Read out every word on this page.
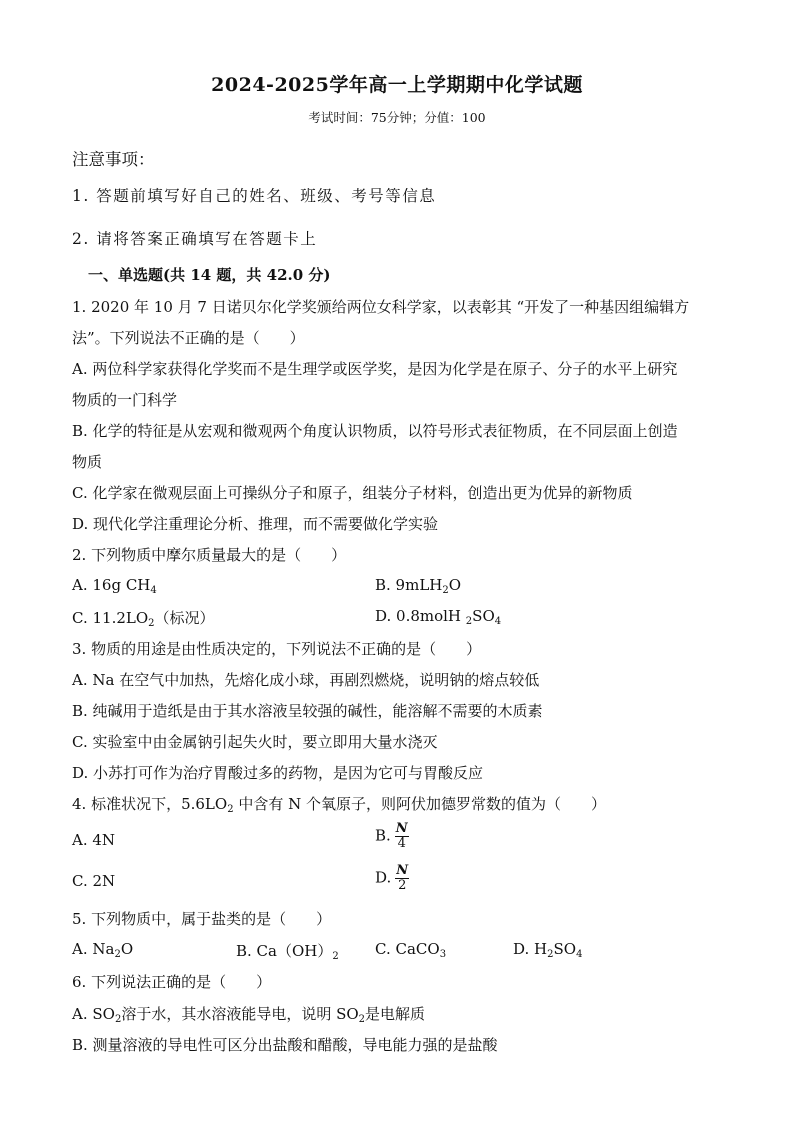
2024-2025学年高一上学期期中化学试题
考试时间：75分钟；分值：100
注意事项：
1. 答题前填写好自己的姓名、班级、考号等信息
2. 请将答案正确填写在答题卡上
一、单选题(共 14 题，共 42.0 分)
1. 2020 年 10 月 7 日诺贝尔化学奖颁给两位女科学家，以表彰其 “开发了一种基因组编辑方
法”。下列说法不正确的是（　　）
A. 两位科学家获得化学奖而不是生理学或医学奖，是因为化学是在原子、分子的水平上研究
物质的一门科学
B. 化学的特征是从宏观和微观两个角度认识物质，以符号形式表征物质，在不同层面上创造
物质
C. 化学家在微观层面上可操纵分子和原子，组装分子材料，创造出更为优异的新物质
D. 现代化学注重理论分析、推理，而不需要做化学实验
2. 下列物质中摩尔质量最大的是（　　）
A. 16g $CH_4$	B. 9mLH$_2$O
C. $11.2LO_2$（标况）	D. 0.8molH $_2SO_4$
3. 物质的用途是由性质决定的，下列说法不正确的是（　　）
A. Na 在空气中加热，先熔化成小球，再剧烈燃烧，说明钠的熔点较低
B. 纯碱用于造纸是由于其水溶液呈较强的碱性，能溶解不需要的木质素
C. 实验室中由金属钠引起失火时，要立即用大量水浇灭
D. 小苏打可作为治疗胃酸过多的药物，是因为它可与胃酸反应
4. 标准状况下，$5.6LO_2$ 中含有 N 个氧原子，则阿伏加德罗常数的值为（　　）
A. 4N	B. $\frac{N}{4}$
C. 2N	D. $\frac{N}{2}$
5. 下列物质中，属于盐类的是（　　）
A. $Na_2O$	B. $Ca(OH)_2$ C. CaCO$_3$	D. $H_2SO_4$
6. 下列说法正确的是（　　）
A. $SO_2$溶于水，其水溶液能导电，说明 $SO_2$是电解质
B. 测量溶液的导电性可区分出盐酸和醋酸，导电能力强的是盐酸
